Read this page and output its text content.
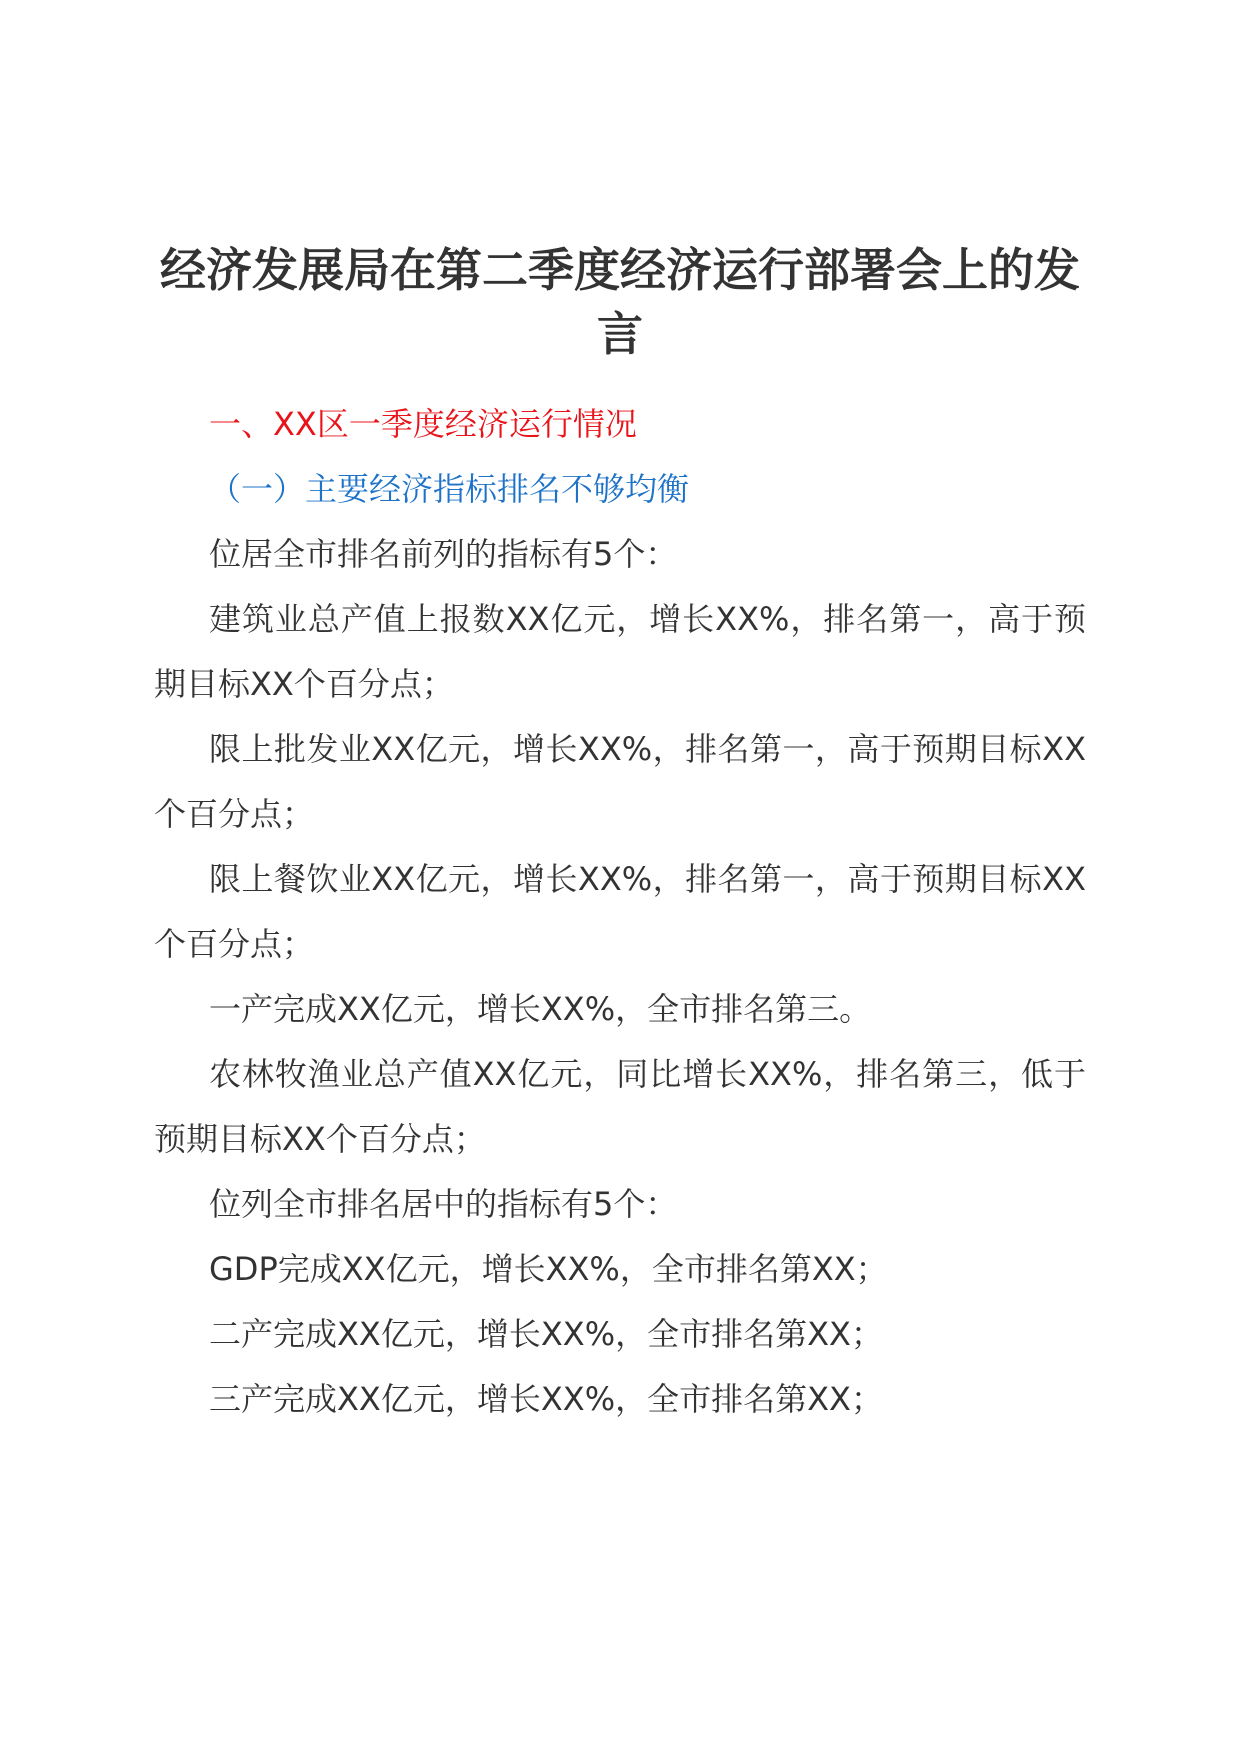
经济发展局在第二季度经济运行部署会上的发言

一、XX区一季度经济运行情况

（一）主要经济指标排名不够均衡

位居全市排名前列的指标有5个：

建筑业总产值上报数XX亿元，增长XX%，排名第一，高于预期目标XX个百分点；

限上批发业XX亿元，增长XX%，排名第一，高于预期目标XX个百分点；

限上餐饮业XX亿元，增长XX%，排名第一，高于预期目标XX个百分点；

一产完成XX亿元，增长XX%，全市排名第三。

农林牧渔业总产值XX亿元，同比增长XX%，排名第三，低于预期目标XX个百分点；

位列全市排名居中的指标有5个：

GDP完成XX亿元，增长XX%，全市排名第XX；

二产完成XX亿元，增长XX%，全市排名第XX；

三产完成XX亿元，增长XX%，全市排名第XX；
